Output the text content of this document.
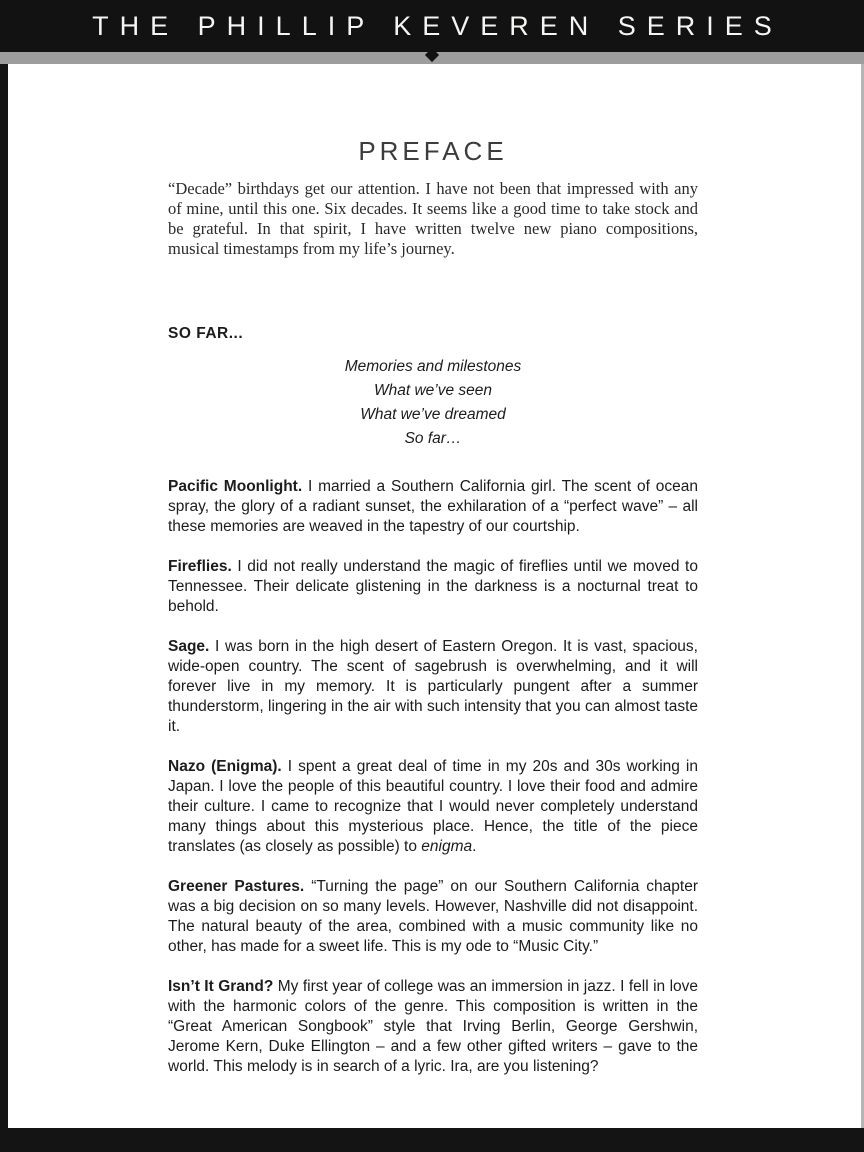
THE PHILLIP KEVEREN SERIES
PREFACE

“Decade” birthdays get our attention. I have not been that impressed with any of mine, until this one. Six decades. It seems like a good time to take stock and be grateful. In that spirit, I have written twelve new piano compositions, musical timestamps from my life’s journey.

SO FAR...
Memories and milestones
What we’ve seen
What we’ve dreamed
So far…

Pacific Moonlight. I married a Southern California girl. The scent of ocean spray, the glory of a radiant sunset, the exhilaration of a “perfect wave” – all these memories are weaved in the tapestry of our courtship.

Fireflies. I did not really understand the magic of fireflies until we moved to Tennessee. Their delicate glistening in the darkness is a nocturnal treat to behold.

Sage. I was born in the high desert of Eastern Oregon. It is vast, spacious, wide-open country. The scent of sagebrush is overwhelming, and it will forever live in my memory. It is particularly pungent after a summer thunderstorm, lingering in the air with such intensity that you can almost taste it.

Nazo (Enigma). I spent a great deal of time in my 20s and 30s working in Japan. I love the people of this beautiful country. I love their food and admire their culture. I came to recognize that I would never completely understand many things about this mysterious place. Hence, the title of the piece translates (as closely as possible) to enigma.

Greener Pastures. “Turning the page” on our Southern California chapter was a big decision on so many levels. However, Nashville did not disappoint. The natural beauty of the area, combined with a music community like no other, has made for a sweet life. This is my ode to “Music City.”

Isn’t It Grand? My first year of college was an immersion in jazz. I fell in love with the harmonic colors of the genre. This composition is written in the “Great American Songbook” style that Irving Berlin, George Gershwin, Jerome Kern, Duke Ellington – and a few other gifted writers – gave to the world. This melody is in search of a lyric. Ira, are you listening?
